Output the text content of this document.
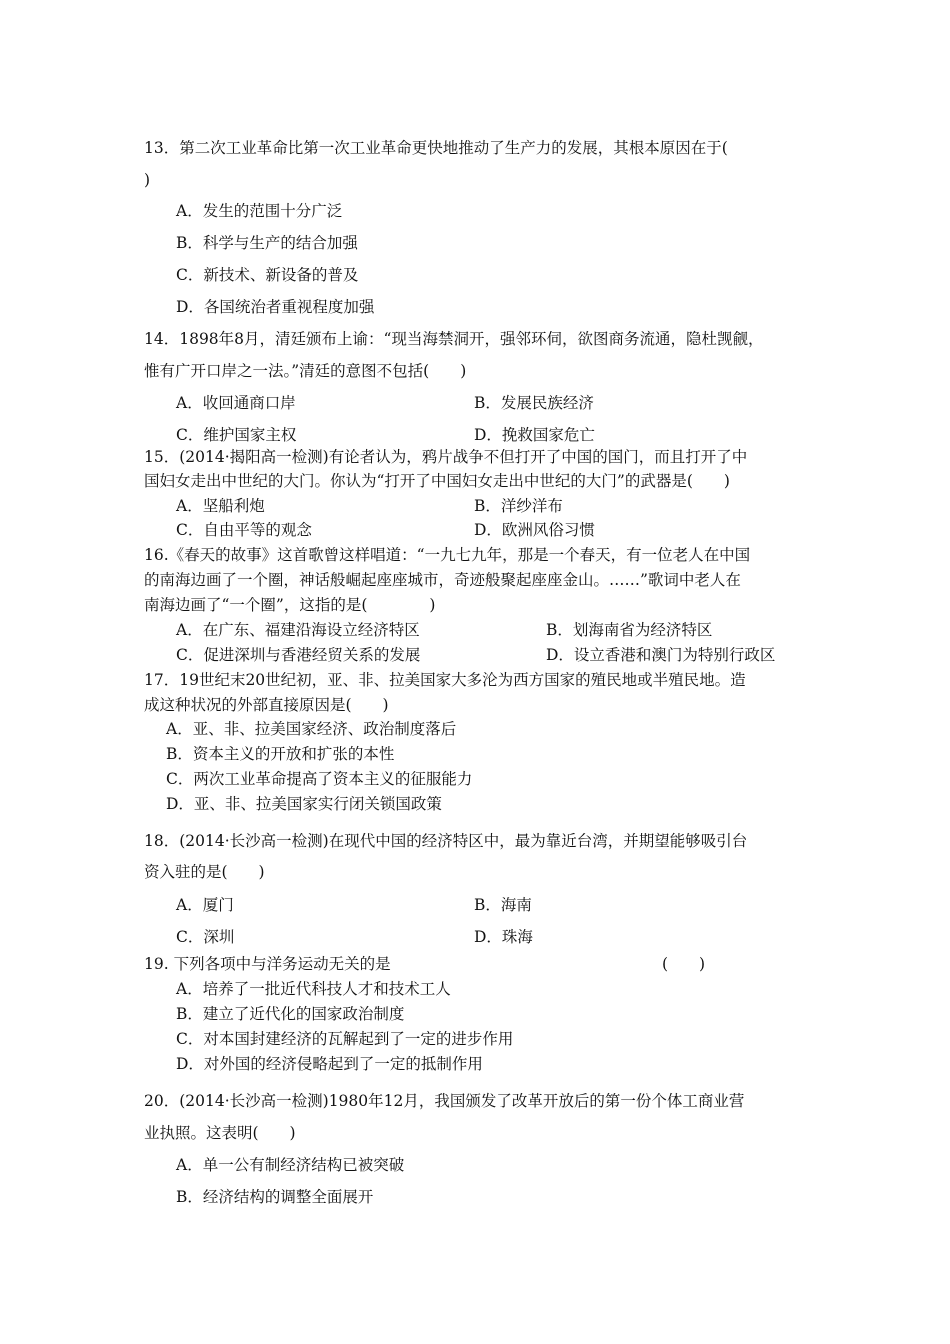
13．第二次工业革命比第一次工业革命更快地推动了生产力的发展，其根本原因在于(
)
A．发生的范围十分广泛
B．科学与生产的结合加强
C．新技术、新设备的普及
D．各国统治者重视程度加强
14．1898年8月，清廷颁布上谕：“现当海禁洞开，强邻环伺，欲图商务流通，隐杜觊觎，
惟有广开口岸之一法。”清廷的意图不包括(　　)
A．收回通商口岸	B．发展民族经济
C．维护国家主权	D．挽救国家危亡
15．(2014·揭阳高一检测)有论者认为，鸦片战争不但打开了中国的国门，而且打开了中
国妇女走出中世纪的大门。你认为“打开了中国妇女走出中世纪的大门”的武器是(　　)
A．坚船利炮	B．洋纱洋布
C．自由平等的观念	D．欧洲风俗习惯
16.《春天的故事》这首歌曾这样唱道：“一九七九年，那是一个春天，有一位老人在中国
的南海边画了一个圈，神话般崛起座座城市，奇迹般聚起座座金山。……”歌词中老人在
南海边画了“一个圈”，这指的是(　　　　)
A．在广东、福建沿海设立经济特区	B．划海南省为经济特区
C．促进深圳与香港经贸关系的发展	D．设立香港和澳门为特别行政区
17．19世纪末20世纪初，亚、非、拉美国家大多沦为西方国家的殖民地或半殖民地。造
成这种状况的外部直接原因是(　　)
A．亚、非、拉美国家经济、政治制度落后
B．资本主义的开放和扩张的本性
C．两次工业革命提高了资本主义的征服能力
D．亚、非、拉美国家实行闭关锁国政策
18．(2014·长沙高一检测)在现代中国的经济特区中，最为靠近台湾，并期望能够吸引台
资入驻的是(　　)
A．厦门	B．海南
C．深圳	D．珠海
19. 下列各项中与洋务运动无关的是	(　　)
A．培养了一批近代科技人才和技术工人
B．建立了近代化的国家政治制度
C．对本国封建经济的瓦解起到了一定的进步作用
D．对外国的经济侵略起到了一定的抵制作用
20．(2014·长沙高一检测)1980年12月，我国颁发了改革开放后的第一份个体工商业营
业执照。这表明(　　)
A．单一公有制经济结构已被突破
B．经济结构的调整全面展开
